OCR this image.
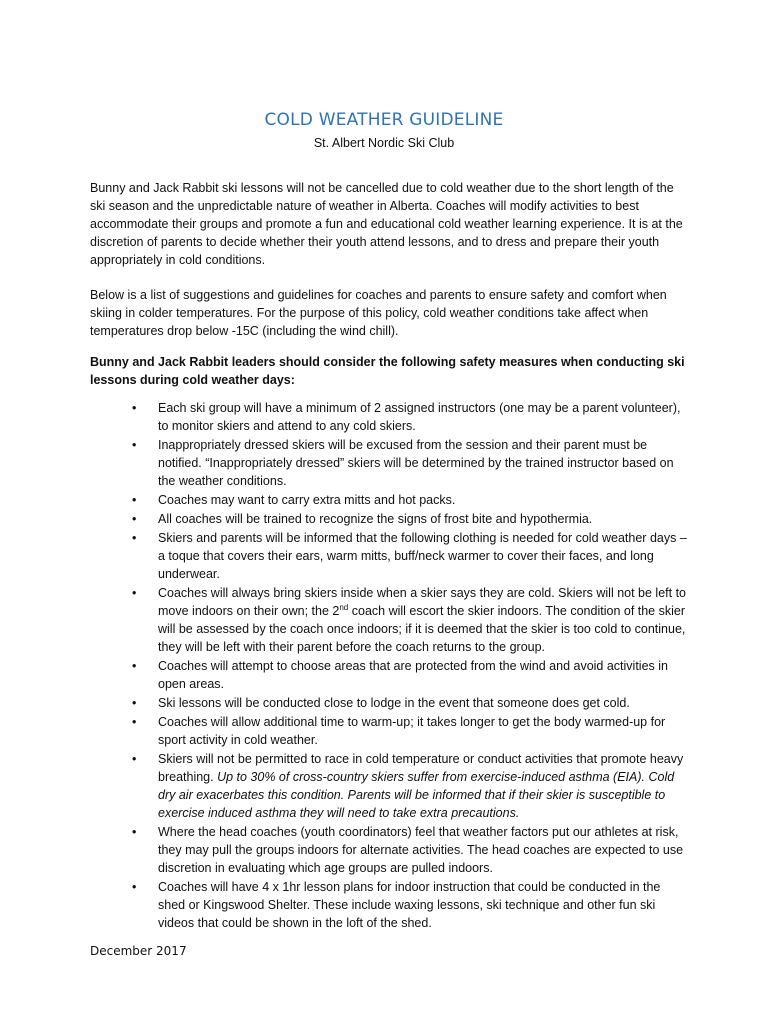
COLD WEATHER GUIDELINE
St. Albert Nordic Ski Club

Bunny and Jack Rabbit ski lessons will not be cancelled due to cold weather due to the short length of the ski season and the unpredictable nature of weather in Alberta. Coaches will modify activities to best accommodate their groups and promote a fun and educational cold weather learning experience. It is at the discretion of parents to decide whether their youth attend lessons, and to dress and prepare their youth appropriately in cold conditions.

Below is a list of suggestions and guidelines for coaches and parents to ensure safety and comfort when skiing in colder temperatures. For the purpose of this policy, cold weather conditions take affect when temperatures drop below -15C (including the wind chill).

Bunny and Jack Rabbit leaders should consider the following safety measures when conducting ski lessons during cold weather days:

• Each ski group will have a minimum of 2 assigned instructors (one may be a parent volunteer), to monitor skiers and attend to any cold skiers.
• Inappropriately dressed skiers will be excused from the session and their parent must be notified. “Inappropriately dressed” skiers will be determined by the trained instructor based on the weather conditions.
• Coaches may want to carry extra mitts and hot packs.
• All coaches will be trained to recognize the signs of frost bite and hypothermia.
• Skiers and parents will be informed that the following clothing is needed for cold weather days – a toque that covers their ears, warm mitts, buff/neck warmer to cover their faces, and long underwear.
• Coaches will always bring skiers inside when a skier says they are cold. Skiers will not be left to move indoors on their own; the 2nd coach will escort the skier indoors. The condition of the skier will be assessed by the coach once indoors; if it is deemed that the skier is too cold to continue, they will be left with their parent before the coach returns to the group.
• Coaches will attempt to choose areas that are protected from the wind and avoid activities in open areas.
• Ski lessons will be conducted close to lodge in the event that someone does get cold.
• Coaches will allow additional time to warm-up; it takes longer to get the body warmed-up for sport activity in cold weather.
• Skiers will not be permitted to race in cold temperature or conduct activities that promote heavy breathing. Up to 30% of cross-country skiers suffer from exercise-induced asthma (EIA). Cold dry air exacerbates this condition. Parents will be informed that if their skier is susceptible to exercise induced asthma they will need to take extra precautions.
• Where the head coaches (youth coordinators) feel that weather factors put our athletes at risk, they may pull the groups indoors for alternate activities. The head coaches are expected to use discretion in evaluating which age groups are pulled indoors.
• Coaches will have 4 x 1hr lesson plans for indoor instruction that could be conducted in the shed or Kingswood Shelter. These include waxing lessons, ski technique and other fun ski videos that could be shown in the loft of the shed.
December 2017
